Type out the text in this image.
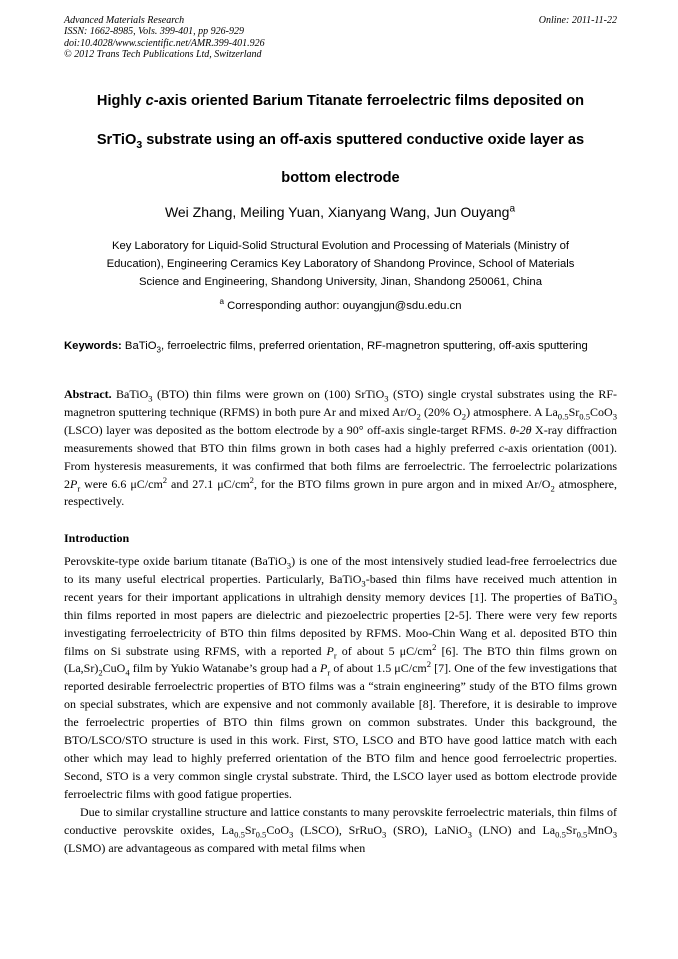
Advanced Materials Research
ISSN: 1662-8985, Vols. 399-401, pp 926-929
doi:10.4028/www.scientific.net/AMR.399-401.926
© 2012 Trans Tech Publications Ltd, Switzerland
Online: 2011-11-22
Highly c-axis oriented Barium Titanate ferroelectric films deposited on
SrTiO$_3$ substrate using an off-axis sputtered conductive oxide layer as
bottom electrode
Wei Zhang, Meiling Yuan, Xianyang Wang, Jun Ouyang$^a$
Key Laboratory for Liquid-Solid Structural Evolution and Processing of Materials (Ministry of
Education), Engineering Ceramics Key Laboratory of Shandong Province, School of Materials
Science and Engineering, Shandong University, Jinan, Shandong 250061, China
$^a$ Corresponding author: ouyangjun@sdu.edu.cn
Keywords: BaTiO$_3$, ferroelectric films, preferred orientation, RF-magnetron sputtering, off-axis sputtering
Abstract. BaTiO$_3$ (BTO) thin films were grown on (100) SrTiO$_3$ (STO) single crystal substrates using the RF-magnetron sputtering technique (RFMS) in both pure Ar and mixed $Ar/O_2$ (20% $O_2$) atmosphere. A $La_{0.5}Sr_{0.5}CoO_3$ (LSCO) layer was deposited as the bottom electrode by a 90° off-axis single-target RFMS. θ-2θ X-ray diffraction measurements showed that BTO thin films grown in both cases had a highly preferred c-axis orientation (001). From hysteresis measurements, it was confirmed that both films are ferroelectric. The ferroelectric polarizations $2P_r$ were 6.6 $\mu C/cm^2$ and 27.1 $\mu C/cm^2$, for the BTO films grown in pure argon and in mixed $Ar/O_2$ atmosphere, respectively.
Introduction

Perovskite-type oxide barium titanate (BaTiO$_3$) is one of the most intensively studied lead-free ferroelectrics due to its many useful electrical properties. Particularly, BaTiO$_3$-based thin films have received much attention in recent years for their important applications in ultrahigh density memory devices [1]. The properties of BaTiO$_3$ thin films reported in most papers are dielectric and piezoelectric properties [2-5]. There were very few reports investigating ferroelectricity of BTO thin films deposited by RFMS. Moo-Chin Wang et al. deposited BTO thin films on Si substrate using RFMS, with a reported $P_r$ of about 5 $\mu C/cm^2$ [6]. The BTO thin films grown on $(La,Sr)_2CuO_4$ film by Yukio Watanabe’s group had a $P_r$ of about 1.5 $\mu C/cm^2$ [7]. One of the few investigations that reported desirable ferroelectric properties of BTO films was a “strain engineering” study of the BTO films grown on special substrates, which are expensive and not commonly available [8]. Therefore, it is desirable to improve the ferroelectric properties of BTO thin films grown on common substrates. Under this background, the BTO/LSCO/STO structure is used in this work. First, STO, LSCO and BTO have good lattice match with each other which may lead to highly preferred orientation of the BTO film and hence good ferroelectric properties. Second, STO is a very common single crystal substrate. Third, the LSCO layer used as bottom electrode provide ferroelectric films with good fatigue properties.

Due to similar crystalline structure and lattice constants to many perovskite ferroelectric materials, thin films of conductive perovskite oxides, $La_{0.5}Sr_{0.5}CoO_3$ (LSCO), SrRuO$_3$ (SRO), LaNiO$_3$ (LNO) and $La_{0.5}Sr_{0.5}MnO_3$ (LSMO) are advantageous as compared with metal films when
